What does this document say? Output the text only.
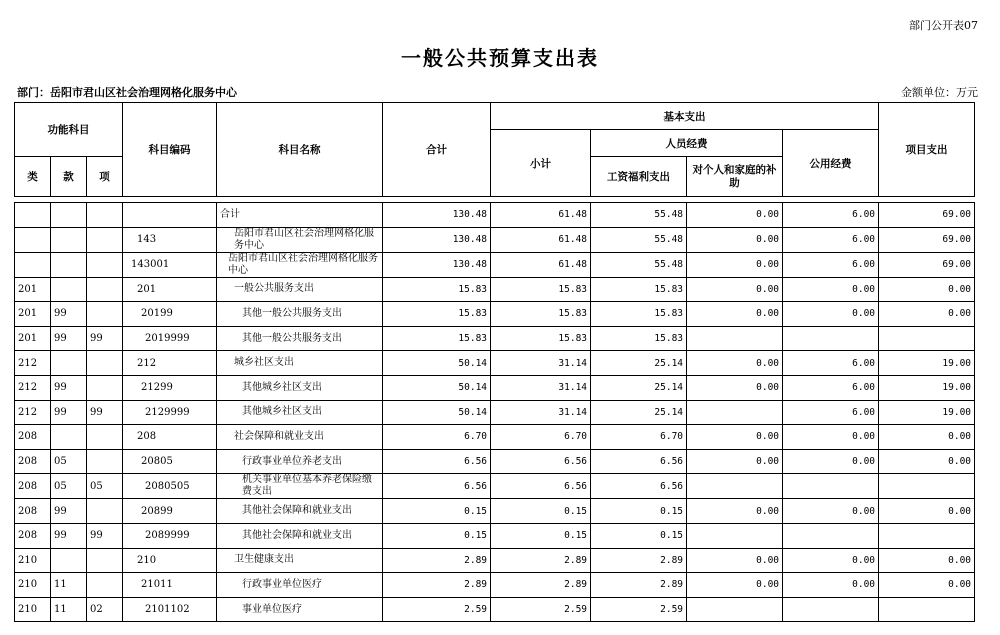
部门公开表07
一般公共预算支出表
部门：岳阳市君山区社会治理网格化服务中心	金额单位：万元
功能科目			科目编码	科目名称	合计	基本支出				项目支出
						小计	人员经费		公用经费	
类	款	项					工资福利支出	对个人和家庭的补助		

				合计	130.48	61.48	55.48	0.00	6.00	69.00
			143	岳阳市君山区社会治理网格化服务中心	130.48	61.48	55.48	0.00	6.00	69.00
			143001	岳阳市君山区社会治理网格化服务中心	130.48	61.48	55.48	0.00	6.00	69.00
201			201	一般公共服务支出	15.83	15.83	15.83	0.00	0.00	0.00
201	99		20199	其他一般公共服务支出	15.83	15.83	15.83	0.00	0.00	0.00
201	99	99	2019999	其他一般公共服务支出	15.83	15.83	15.83			
212			212	城乡社区支出	50.14	31.14	25.14	0.00	6.00	19.00
212	99		21299	其他城乡社区支出	50.14	31.14	25.14	0.00	6.00	19.00
212	99	99	2129999	其他城乡社区支出	50.14	31.14	25.14		6.00	19.00
208			208	社会保障和就业支出	6.70	6.70	6.70	0.00	0.00	0.00
208	05		20805	行政事业单位养老支出	6.56	6.56	6.56	0.00	0.00	0.00
208	05	05	2080505	机关事业单位基本养老保险缴费支出	6.56	6.56	6.56			
208	99		20899	其他社会保障和就业支出	0.15	0.15	0.15	0.00	0.00	0.00
208	99	99	2089999	其他社会保障和就业支出	0.15	0.15	0.15			
210			210	卫生健康支出	2.89	2.89	2.89	0.00	0.00	0.00
210	11		21011	行政事业单位医疗	2.89	2.89	2.89	0.00	0.00	0.00
210	11	02	2101102	事业单位医疗	2.59	2.59	2.59			
